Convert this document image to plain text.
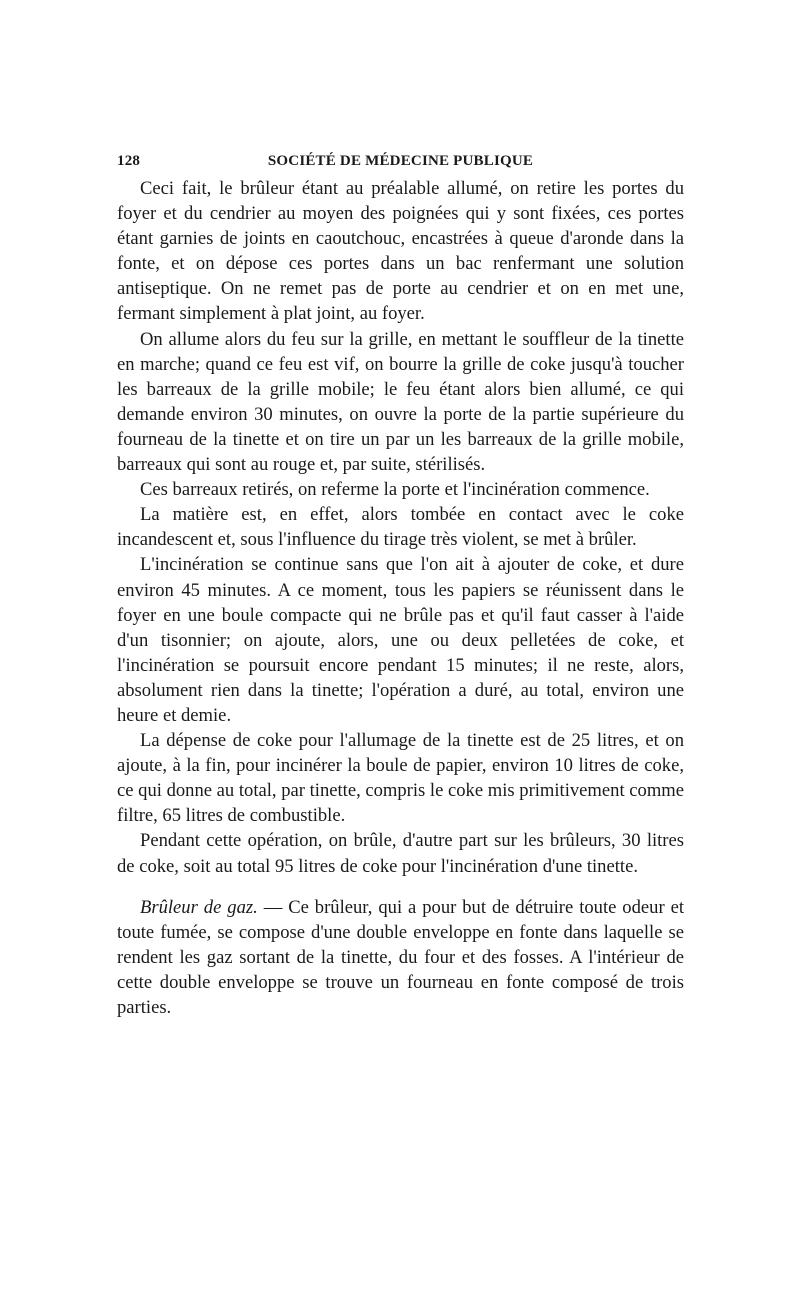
128	SOCIÉTÉ DE MÉDECINE PUBLIQUE

Ceci fait, le brûleur étant au préalable allumé, on retire les portes du foyer et du cendrier au moyen des poignées qui y sont fixées, ces portes étant garnies de joints en caoutchouc, encastrées à queue d'aronde dans la fonte, et on dépose ces portes dans un bac renfermant une solution antiseptique. On ne remet pas de porte au cendrier et on en met une, fermant simplement à plat joint, au foyer.

On allume alors du feu sur la grille, en mettant le souffleur de la tinette en marche; quand ce feu est vif, on bourre la grille de coke jusqu'à toucher les barreaux de la grille mobile; le feu étant alors bien allumé, ce qui demande environ 30 minutes, on ouvre la porte de la partie supérieure du fourneau de la tinette et on tire un par un les barreaux de la grille mobile, barreaux qui sont au rouge et, par suite, stérilisés.

Ces barreaux retirés, on referme la porte et l'incinération commence.

La matière est, en effet, alors tombée en contact avec le coke incandescent et, sous l'influence du tirage très violent, se met à brûler.

L'incinération se continue sans que l'on ait à ajouter de coke, et dure environ 45 minutes. A ce moment, tous les papiers se réunissent dans le foyer en une boule compacte qui ne brûle pas et qu'il faut casser à l'aide d'un tisonnier; on ajoute, alors, une ou deux pelletées de coke, et l'incinération se poursuit encore pendant 15 minutes; il ne reste, alors, absolument rien dans la tinette; l'opération a duré, au total, environ une heure et demie.

La dépense de coke pour l'allumage de la tinette est de 25 litres, et on ajoute, à la fin, pour incinérer la boule de papier, environ 10 litres de coke, ce qui donne au total, par tinette, compris le coke mis primitivement comme filtre, 65 litres de combustible.

Pendant cette opération, on brûle, d'autre part sur les brûleurs, 30 litres de coke, soit au total 95 litres de coke pour l'incinération d'une tinette.

Brûleur de gaz. — Ce brûleur, qui a pour but de détruire toute odeur et toute fumée, se compose d'une double enveloppe en fonte dans laquelle se rendent les gaz sortant de la tinette, du four et des fosses. A l'intérieur de cette double enveloppe se trouve un fourneau en fonte composé de trois parties.
